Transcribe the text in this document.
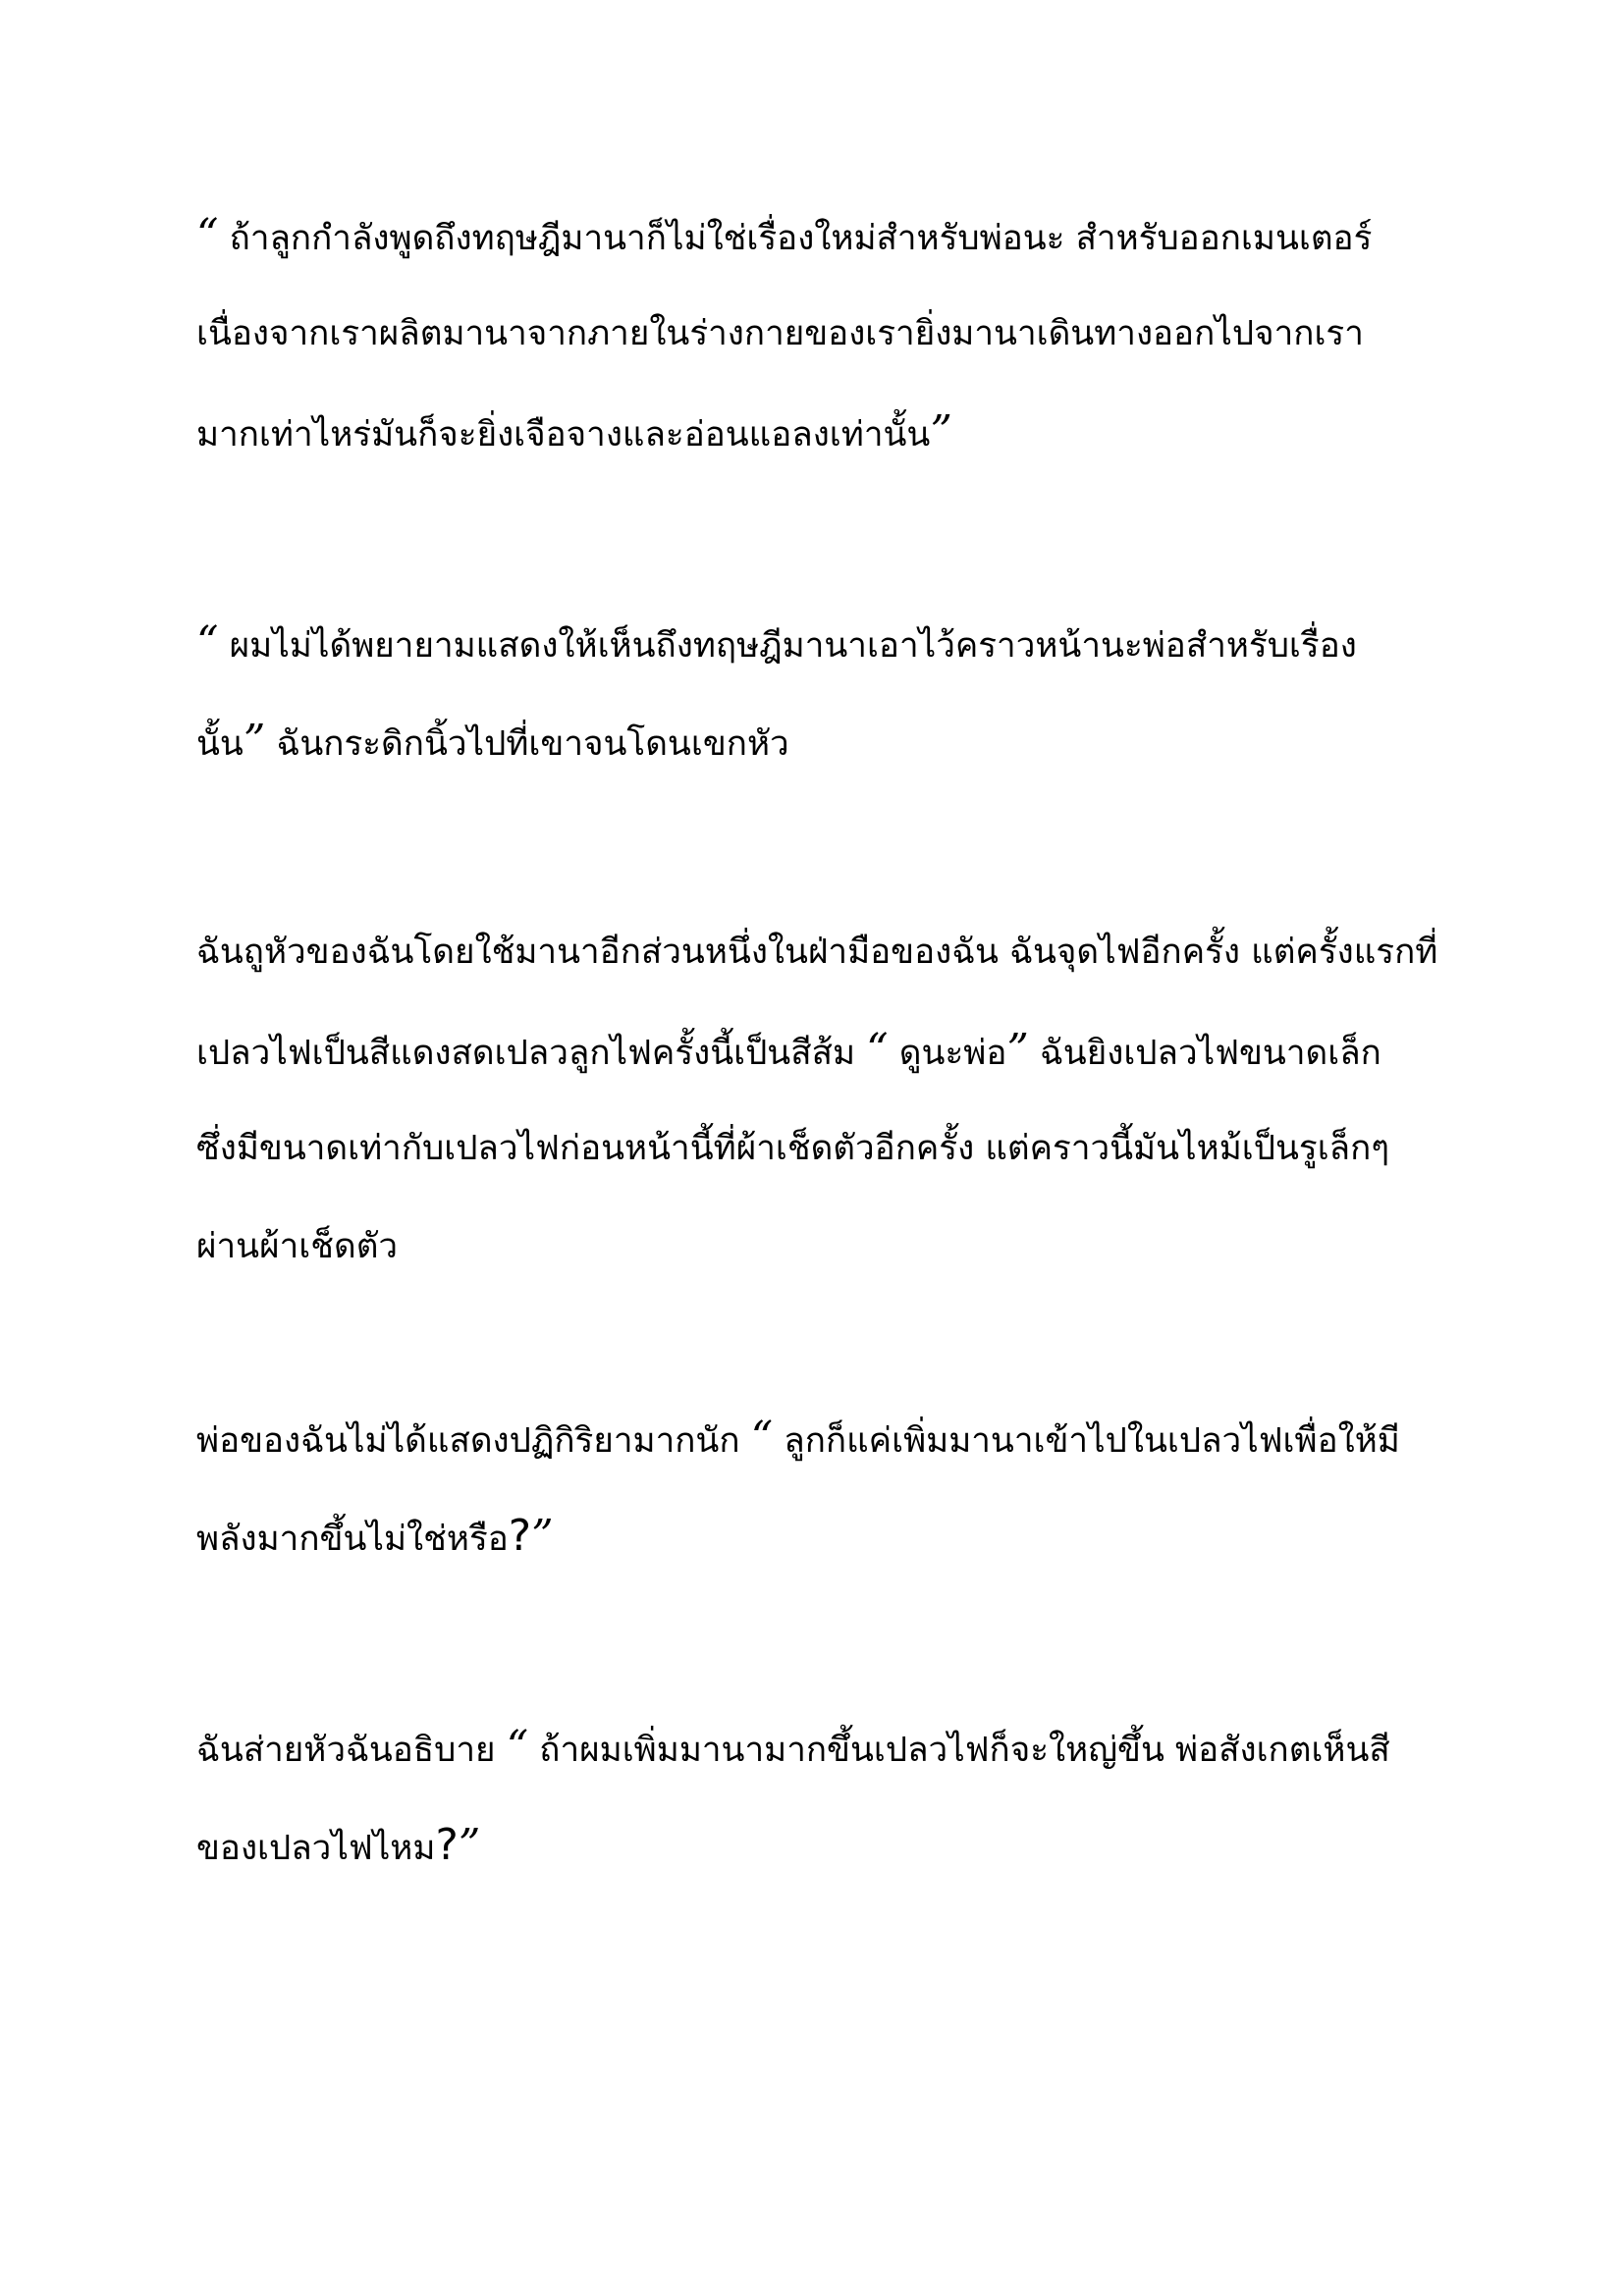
“ ถ้าลูกกำลังพูดถึงทฤษฎีมานาก็ไม่ใช่เรื่องใหม่สำหรับพ่อนะ สำหรับออกเมนเตอร์
เนื่องจากเราผลิตมานาจากภายในร่างกายของเรายิ่งมานาเดินทางออกไปจากเรา
มากเท่าไหร่มันก็จะยิ่งเจือจางและอ่อนแอลงเท่านั้น”

“ ผมไม่ได้พยายามแสดงให้เห็นถึงทฤษฎีมานาเอาไว้คราวหน้านะพ่อสำหรับเรื่อง
นั้น” ฉันกระดิกนิ้วไปที่เขาจนโดนเขกหัว

ฉันถูหัวของฉันโดยใช้มานาอีกส่วนหนึ่งในฝ่ามือของฉัน ฉันจุดไฟอีกครั้ง แต่ครั้งแรกที่
เปลวไฟเป็นสีแดงสดเปลวลูกไฟครั้งนี้เป็นสีส้ม “ ดูนะพ่อ” ฉันยิงเปลวไฟขนาดเล็ก
ซึ่งมีขนาดเท่ากับเปลวไฟก่อนหน้านี้ที่ผ้าเช็ดตัวอีกครั้ง แต่คราวนี้มันไหม้เป็นรูเล็กๆ
ผ่านผ้าเช็ดตัว

พ่อของฉันไม่ได้แสดงปฏิกิริยามากนัก “ ลูกก็แค่เพิ่มมานาเข้าไปในเปลวไฟเพื่อให้มี
พลังมากขึ้นไม่ใช่หรือ?”

ฉันส่ายหัวฉันอธิบาย “ ถ้าผมเพิ่มมานามากขึ้นเปลวไฟก็จะใหญ่ขึ้น พ่อสังเกตเห็นสี
ของเปลวไฟไหม?”
